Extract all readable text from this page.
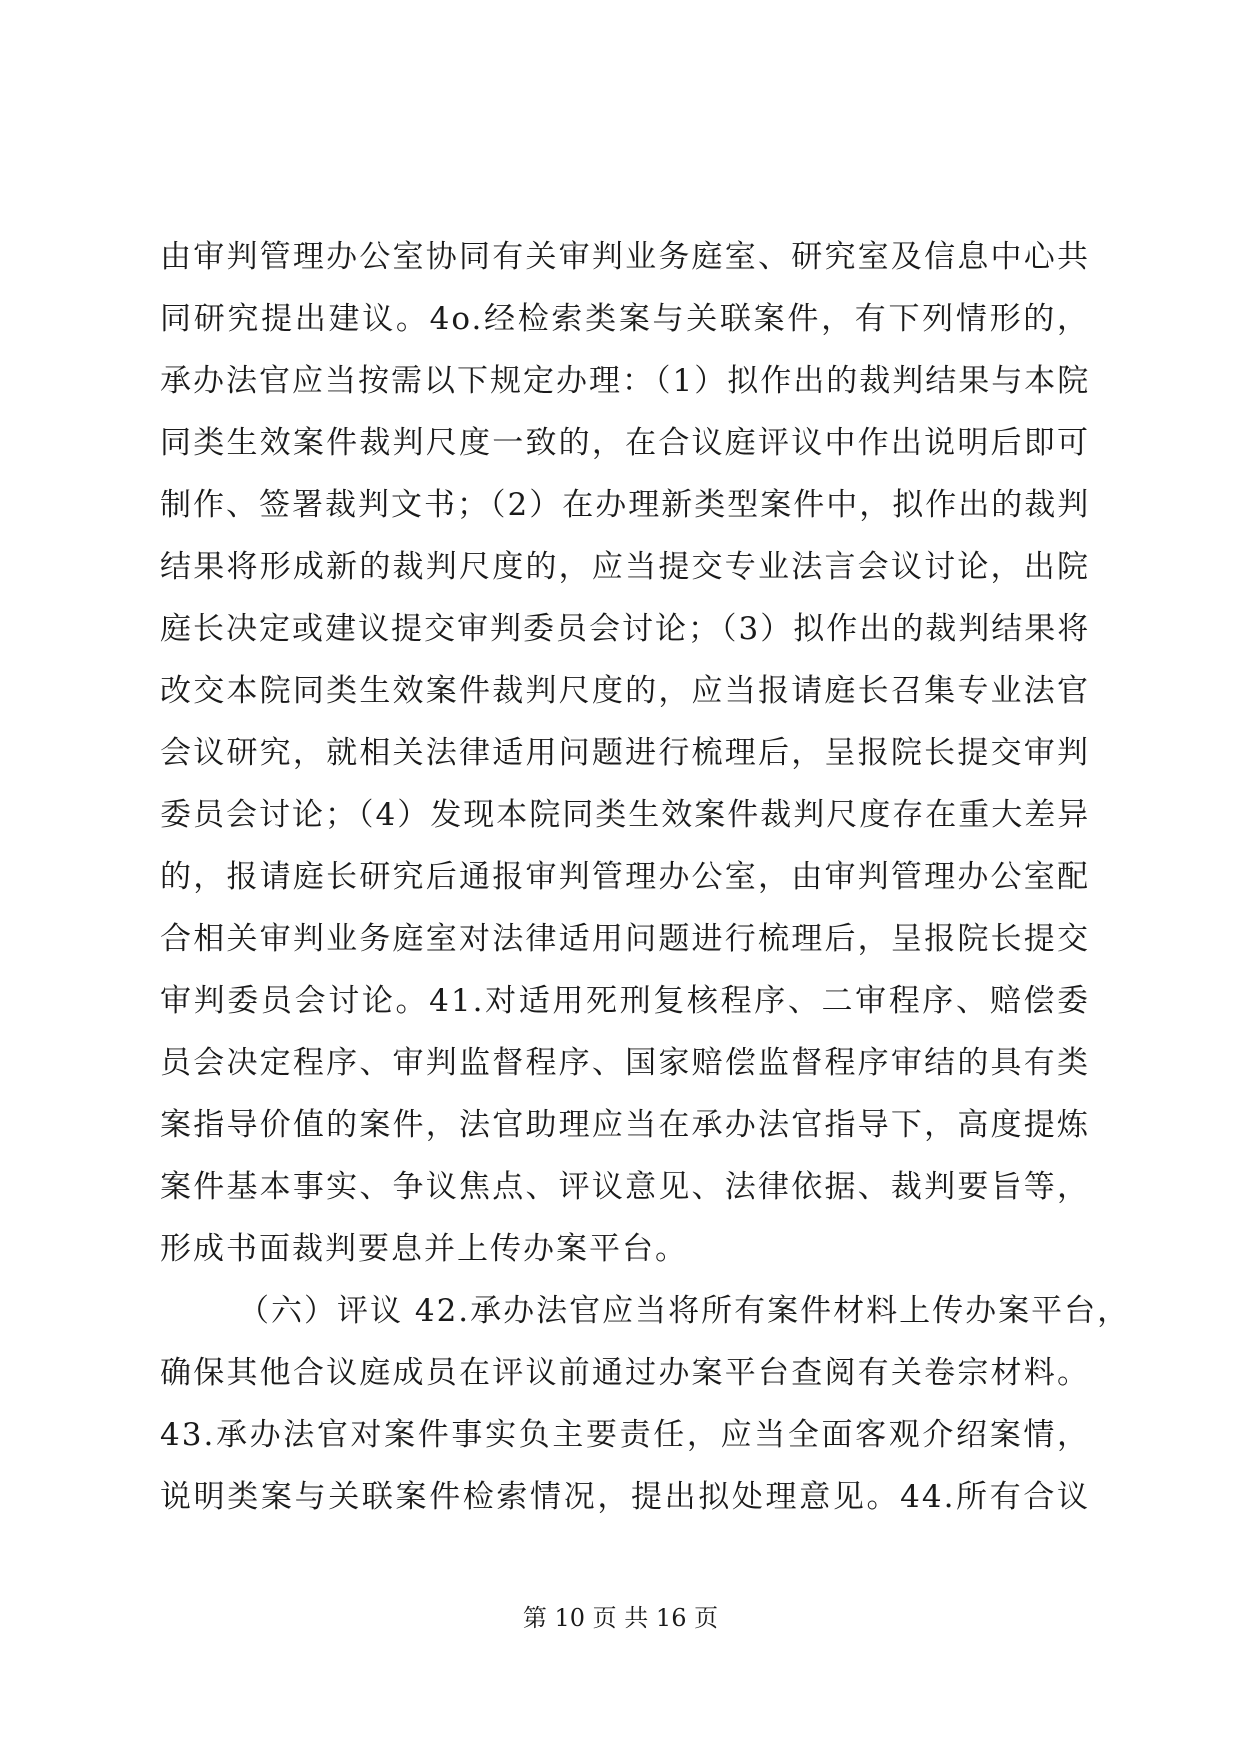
由审判管理办公室协同有关审判业务庭室、研究室及信息中心共
同研究提出建议。4o.经检索类案与关联案件，有下列情形的，
承办法官应当按需以下规定办理：（1）拟作出的裁判结果与本院
同类生效案件裁判尺度一致的，在合议庭评议中作出说明后即可
制作、签署裁判文书；（2）在办理新类型案件中，拟作出的裁判
结果将形成新的裁判尺度的，应当提交专业法言会议讨论，出院
庭长决定或建议提交审判委员会讨论；（3）拟作出的裁判结果将
改交本院同类生效案件裁判尺度的，应当报请庭长召集专业法官
会议研究，就相关法律适用问题进行梳理后，呈报院长提交审判
委员会讨论；（4）发现本院同类生效案件裁判尺度存在重大差异
的，报请庭长研究后通报审判管理办公室，由审判管理办公室配
合相关审判业务庭室对法律适用问题进行梳理后，呈报院长提交
审判委员会讨论。41.对适用死刑复核程序、二审程序、赔偿委
员会决定程序、审判监督程序、国家赔偿监督程序审结的具有类
案指导价值的案件，法官助理应当在承办法官指导下，高度提炼
案件基本事实、争议焦点、评议意见、法律依据、裁判要旨等，
形成书面裁判要息并上传办案平台。
（六）评议 42.承办法官应当将所有案件材料上传办案平台，
确保其他合议庭成员在评议前通过办案平台查阅有关卷宗材料。
43.承办法官对案件事实负主要责任，应当全面客观介绍案情，
说明类案与关联案件检索情况，提出拟处理意见。44.所有合议
第 10 页 共 16 页
